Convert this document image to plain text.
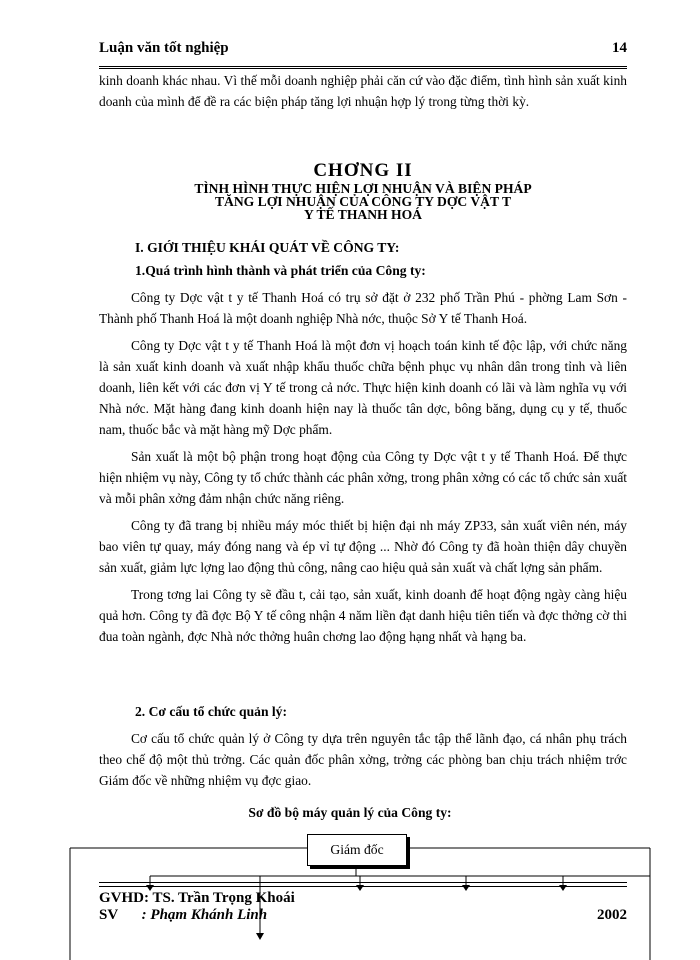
Luận văn tốt nghiệp	14

kinh doanh khác nhau. Vì thế mỗi doanh nghiệp phải căn cứ vào đặc điểm, tình hình sản xuất kinh doanh của mình để đề ra các biện pháp tăng lợi nhuận hợp lý trong từng thời kỳ.

CHƠNG II
TÌNH HÌNH THỰC HIỆN LỢI NHUẬN VÀ BIỆN PHÁP
TĂNG LỢI NHUẬN CỦA CÔNG TY DỢC VẬT T
Y TẾ THANH HOÁ
I. GIỚI THIỆU KHÁI QUÁT VỀ CÔNG TY:
1.Quá trình hình thành và phát triển của Công ty:

Công ty Dợc vật t y tế Thanh Hoá có trụ sở đặt ở 232 phố Trần Phú - phờng Lam Sơn - Thành phố Thanh Hoá là một doanh nghiệp Nhà nớc, thuộc Sở Y tế Thanh Hoá.

Công ty Dợc vật t y tế Thanh Hoá là một đơn vị hoạch toán kinh tế độc lập, với chức năng là sản xuất kinh doanh và xuất nhập khẩu thuốc chữa bệnh phục vụ nhân dân trong tỉnh và liên doanh, liên kết với các đơn vị Y tế trong cả nớc. Thực hiện kinh doanh có lãi và làm nghĩa vụ với Nhà nớc. Mặt hàng đang kinh doanh hiện nay là thuốc tân dợc, bông băng, dụng cụ y tế, thuốc nam, thuốc bắc và mặt hàng mỹ Dợc phẩm.

Sản xuất là một bộ phận trong hoạt động của Công ty Dợc vật t y tế Thanh Hoá. Để thực hiện nhiệm vụ này, Công ty tổ chức thành các phân xởng, trong phân xởng có các tổ chức sản xuất và mỗi phân xởng đảm nhận chức năng riêng.

Công ty đã trang bị nhiều máy móc thiết bị hiện đại nh máy ZP33, sản xuất viên nén, máy bao viên tự quay, máy đóng nang và ép vỉ tự động ... Nhờ đó Công ty đã hoàn thiện dây chuyền sản xuất, giảm lực lợng lao động thủ công, nâng cao hiệu quả sản xuất và chất lợng sản phẩm.

Trong tơng lai Công ty sẽ đầu t, cải tạo, sản xuất, kinh doanh để hoạt động ngày càng hiệu quả hơn. Công ty đã đợc Bộ Y tế công nhận 4 năm liền đạt danh hiệu tiên tiến và đợc thởng cờ thi đua toàn ngành, đợc Nhà nớc thởng huân chơng lao động hạng nhất và hạng ba.

2. Cơ cấu tổ chức quản lý:

Cơ cấu tổ chức quản lý ở Công ty dựa trên nguyên tắc tập thể lãnh đạo, cá nhân phụ trách theo chế độ một thủ trởng. Các quản đốc phân xởng, trởng các phòng ban chịu trách nhiệm trớc Giám đốc về những nhiệm vụ đợc giao.

Sơ đồ bộ máy quản lý của Công ty:
Giám đốc
GVHD: TS. Trần Trọng Khoái
SV : Phạm Khánh Linh	2002
